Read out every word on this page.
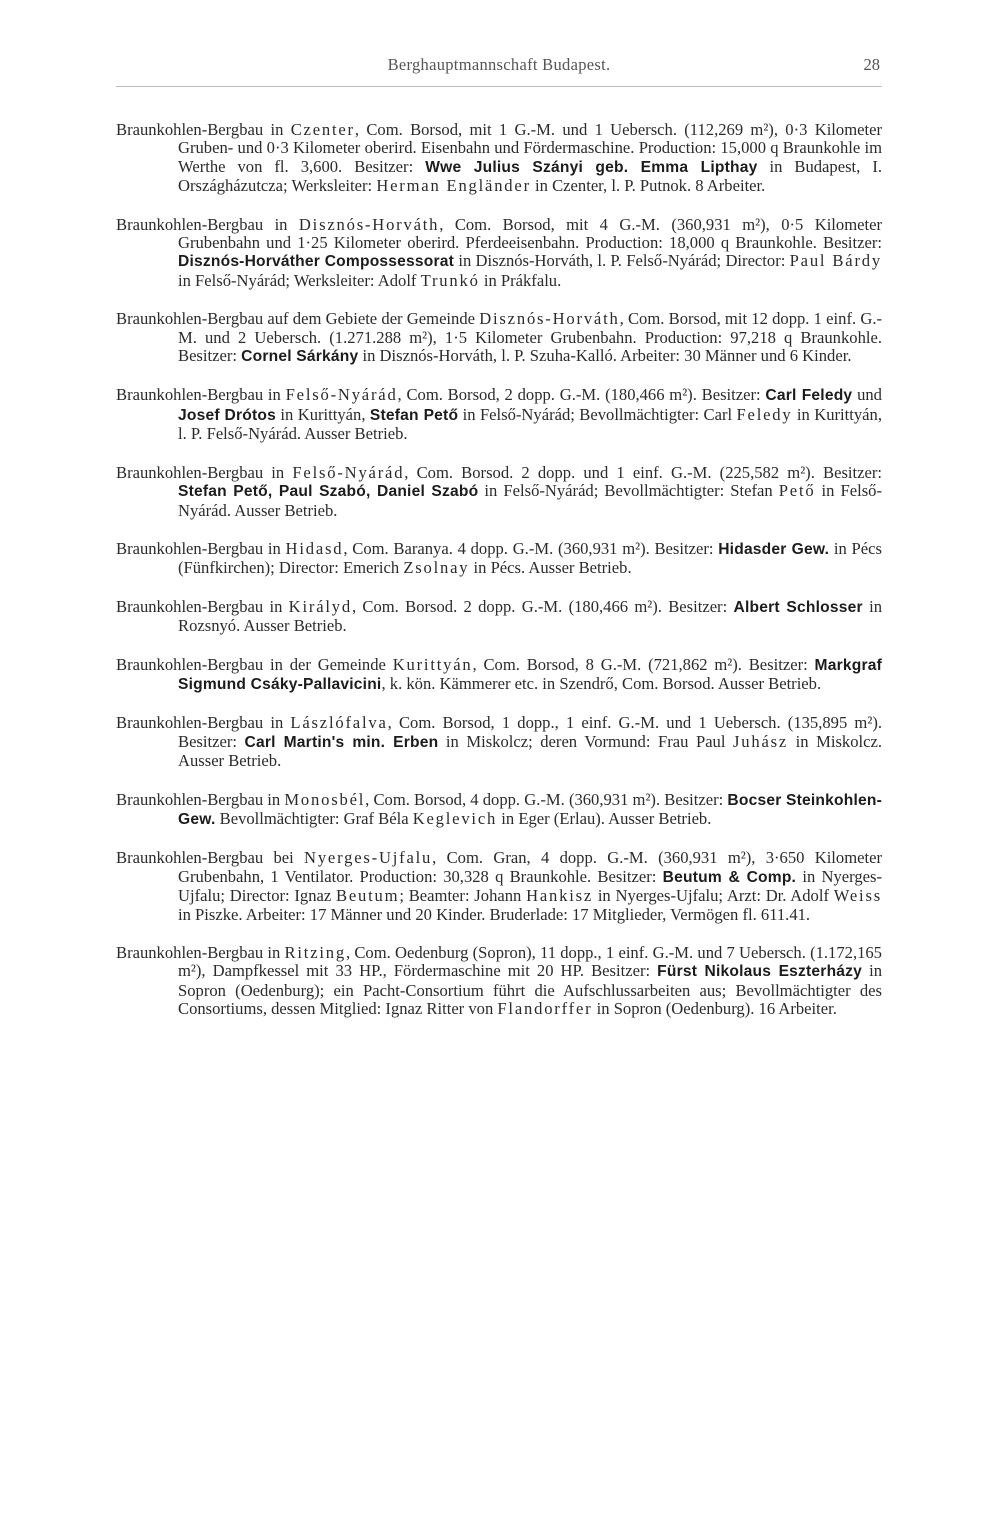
Berghauptmannschaft Budapest.	28

Braunkohlen-Bergbau in Czenter, Com. Borsod, mit 1 G.-M. und 1 Uebersch. (112,269 m²), 0·3 Kilometer Gruben- und 0·3 Kilometer oberird. Eisenbahn und Fördermaschine. Production: 15,000 q Braunkohle im Werthe von fl. 3,600. Besitzer: Wwe Julius Szányi geb. Emma Lipthay in Budapest, I. Országházutcza; Werksleiter: Herman Engländer in Czenter, l. P. Putnok. 8 Arbeiter.

Braunkohlen-Bergbau in Disznós-Horváth, Com. Borsod, mit 4 G.-M. (360,931 m²), 0·5 Kilometer Grubenbahn und 1·25 Kilometer oberird. Pferdeeisenbahn. Production: 18,000 q Braunkohle. Besitzer: Disznós-Horváther Compossessorat in Disznós-Horváth, l. P. Felső-Nyárád; Director: Paul Bárdy in Felső-Nyárád; Werksleiter: Adolf Trunkó in Prákfalu.

Braunkohlen-Bergbau auf dem Gebiete der Gemeinde Disznós-Horváth, Com. Borsod, mit 12 dopp. 1 einf. G.-M. und 2 Uebersch. (1.271.288 m²), 1·5 Kilometer Grubenbahn. Production: 97,218 q Braunkohle. Besitzer: Cornel Sárkány in Disznós-Horváth, l. P. Szuha-Kalló. Arbeiter: 30 Männer und 6 Kinder.

Braunkohlen-Bergbau in Felső-Nyárád, Com. Borsod, 2 dopp. G.-M. (180,466 m²). Besitzer: Carl Feledy und Josef Drótos in Kurittyán, Stefan Pető in Felső-Nyárád; Bevollmächtigter: Carl Feledy in Kurittyán, l. P. Felső-Nyárád. Ausser Betrieb.

Braunkohlen-Bergbau in Felső-Nyárád, Com. Borsod. 2 dopp. und 1 einf. G.-M. (225,582 m²). Besitzer: Stefan Pető, Paul Szabó, Daniel Szabó in Felső-Nyárád; Bevollmächtigter: Stefan Pető in Felső-Nyárád. Ausser Betrieb.

Braunkohlen-Bergbau in Hidasd, Com. Baranya. 4 dopp. G.-M. (360,931 m²). Besitzer: Hidasder Gew. in Pécs (Fünfkirchen); Director: Emerich Zsolnay in Pécs. Ausser Betrieb.

Braunkohlen-Bergbau in Királyd, Com. Borsod. 2 dopp. G.-M. (180,466 m²). Besitzer: Albert Schlosser in Rozsnyó. Ausser Betrieb.

Braunkohlen-Bergbau in der Gemeinde Kurittyán, Com. Borsod, 8 G.-M. (721,862 m²). Besitzer: Markgraf Sigmund Csáky-Pallavicini, k. kön. Kämmerer etc. in Szendrő, Com. Borsod. Ausser Betrieb.

Braunkohlen-Bergbau in Lászlófalva, Com. Borsod, 1 dopp., 1 einf. G.-M. und 1 Uebersch. (135,895 m²). Besitzer: Carl Martin's min. Erben in Miskolcz; deren Vormund: Frau Paul Juhász in Miskolcz. Ausser Betrieb.

Braunkohlen-Bergbau in Monosbél, Com. Borsod, 4 dopp. G.-M. (360,931 m²). Besitzer: Bocser Steinkohlen-Gew. Bevollmächtigter: Graf Béla Keglevich in Eger (Erlau). Ausser Betrieb.

Braunkohlen-Bergbau bei Nyerges-Ujfalu, Com. Gran, 4 dopp. G.-M. (360,931 m²), 3·650 Kilometer Grubenbahn, 1 Ventilator. Production: 30,328 q Braunkohle. Besitzer: Beutum & Comp. in Nyerges-Ujfalu; Director: Ignaz Beutum; Beamter: Johann Hankisz in Nyerges-Ujfalu; Arzt: Dr. Adolf Weiss in Piszke. Arbeiter: 17 Männer und 20 Kinder. Bruderlade: 17 Mitglieder, Vermögen fl. 611.41.

Braunkohlen-Bergbau in Ritzing, Com. Oedenburg (Sopron), 11 dopp., 1 einf. G.-M. und 7 Uebersch. (1.172,165 m²), Dampfkessel mit 33 HP., Fördermaschine mit 20 HP. Besitzer: Fürst Nikolaus Eszterházy in Sopron (Oedenburg); ein Pacht-Consortium führt die Aufschlussarbeiten aus; Bevollmächtigter des Consortiums, dessen Mitglied: Ignaz Ritter von Flandorffer in Sopron (Oedenburg). 16 Arbeiter.
